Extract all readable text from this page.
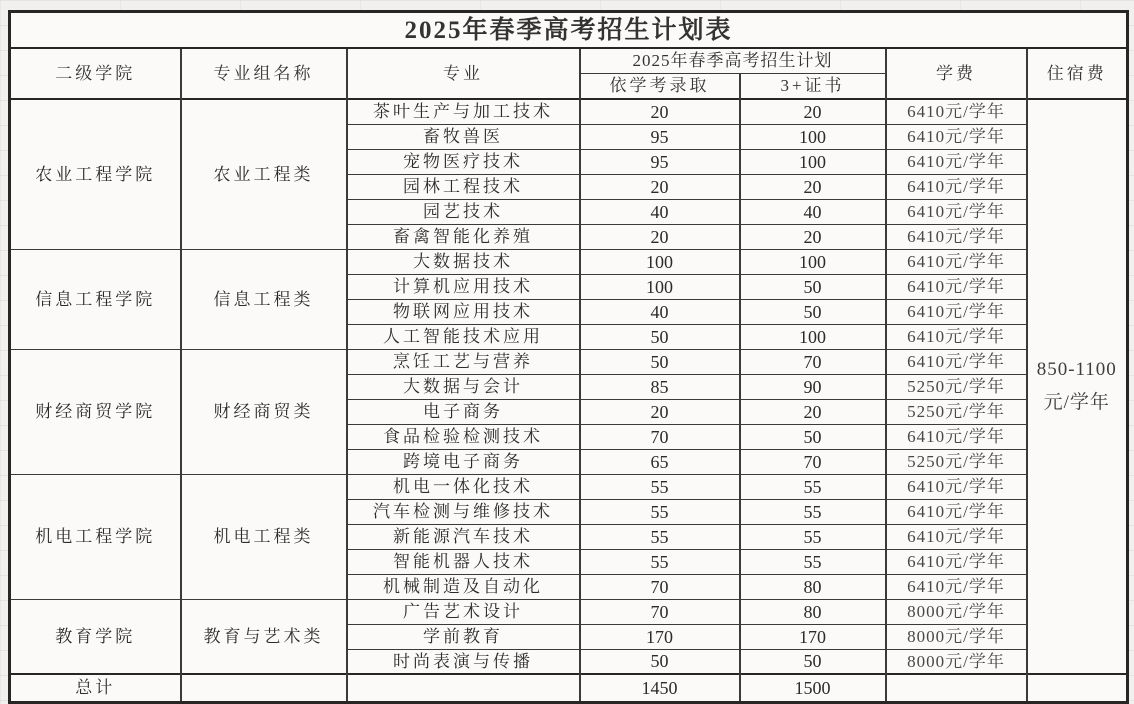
2025年春季高考招生计划表						
二级学院	专业组名称	专业	2025年春季高考招生计划		学费	住宿费
			依学考录取	3+证书		
农业工程学院	农业工程类	茶叶生产与加工技术	20	20	6410元/学年	850-1100
元/学年

		畜牧兽医	95	100	6410元/学年	
		宠物医疗技术	95	100	6410元/学年	
		园林工程技术	20	20	6410元/学年	
		园艺技术	40	40	6410元/学年	
		畜禽智能化养殖	20	20	6410元/学年	
信息工程学院	信息工程类	大数据技术	100	100	6410元/学年	
		计算机应用技术	100	50	6410元/学年	
		物联网应用技术	40	50	6410元/学年	
		人工智能技术应用	50	100	6410元/学年	
财经商贸学院	财经商贸类	烹饪工艺与营养	50	70	6410元/学年	
		大数据与会计	85	90	5250元/学年	
		电子商务	20	20	5250元/学年	
		食品检验检测技术	70	50	6410元/学年	
		跨境电子商务	65	70	5250元/学年	
机电工程学院	机电工程类	机电一体化技术	55	55	6410元/学年	
		汽车检测与维修技术	55	55	6410元/学年	
		新能源汽车技术	55	55	6410元/学年	
		智能机器人技术	55	55	6410元/学年	
		机械制造及自动化	70	80	6410元/学年	
教育学院	教育与艺术类	广告艺术设计	70	80	8000元/学年	
		学前教育	170	170	8000元/学年	
		时尚表演与传播	50	50	8000元/学年	
总计			1450	1500		
